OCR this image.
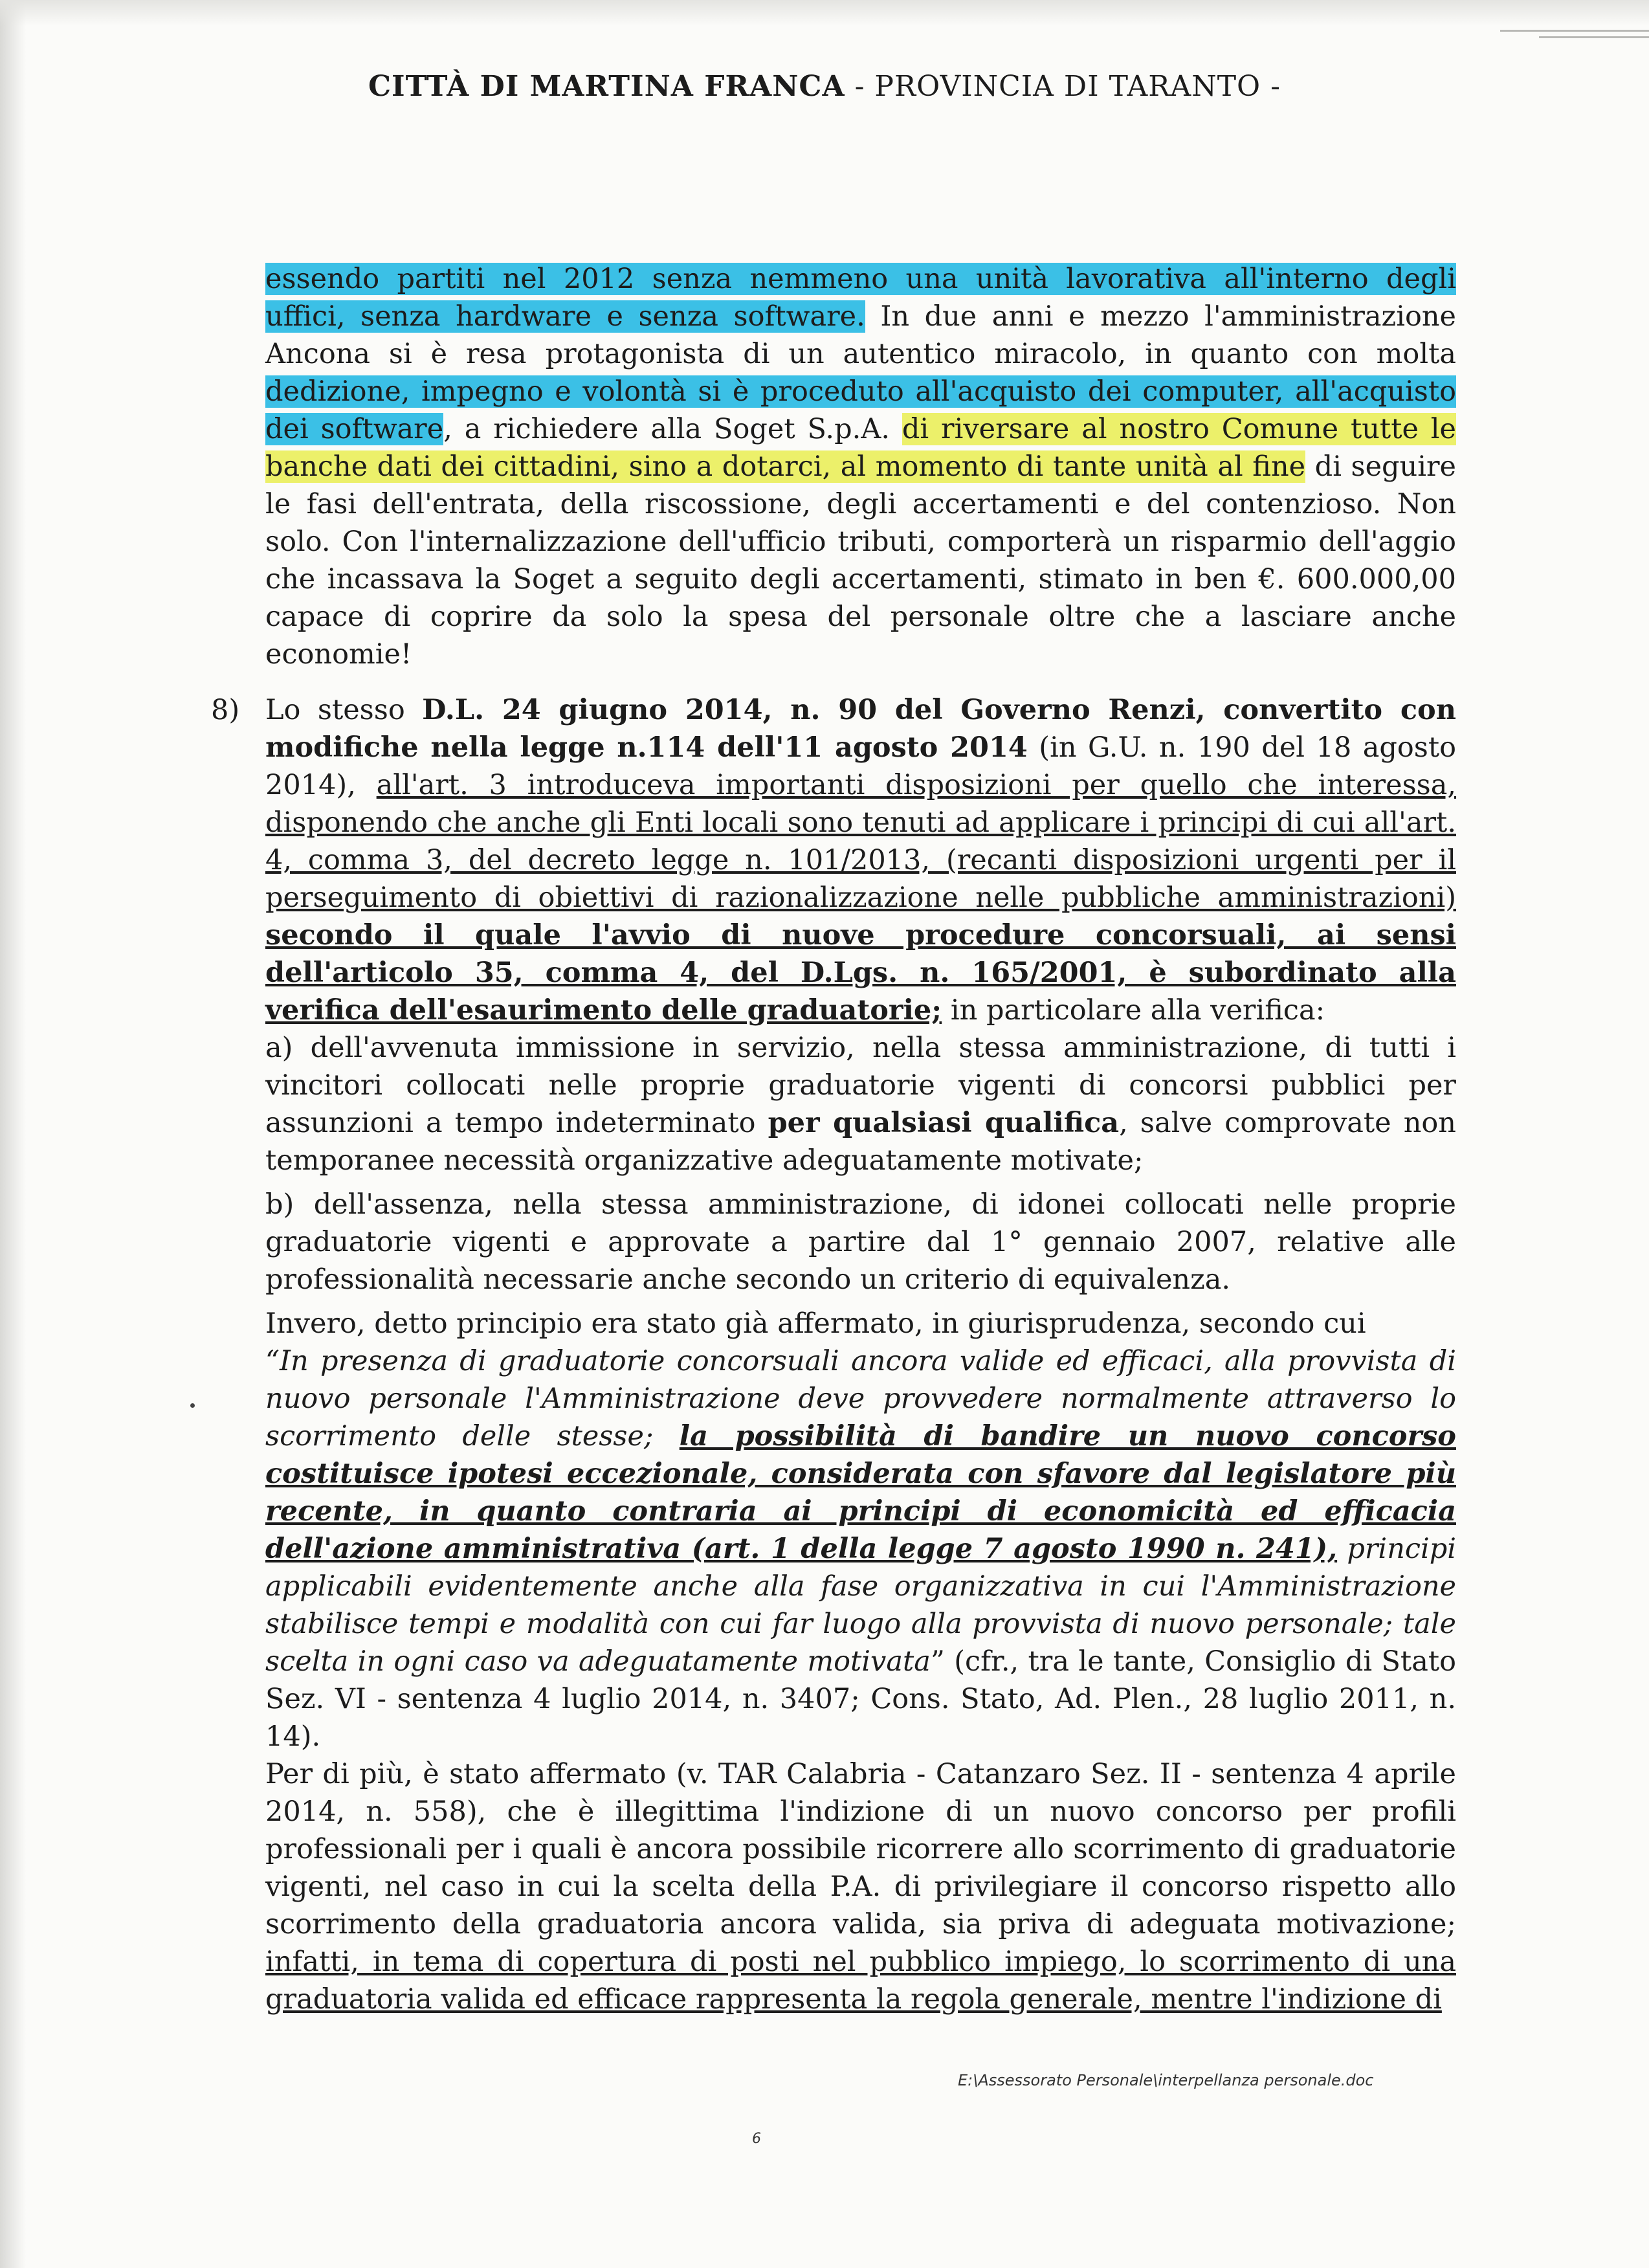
CITTÀ DI MARTINA FRANCA - PROVINCIA DI TARANTO -

essendo partiti nel 2012 senza nemmeno una unità lavorativa all'interno degli uffici, senza hardware e senza software. In due anni e mezzo l'amministrazione Ancona si è resa protagonista di un autentico miracolo, in quanto con molta dedizione, impegno e volontà si è proceduto all'acquisto dei computer, all'acquisto dei software, a richiedere alla Soget S.p.A. di riversare al nostro Comune tutte le banche dati dei cittadini, sino a dotarci, al momento di tante unità al fine di seguire le fasi dell'entrata, della riscossione, degli accertamenti e del contenzioso. Non solo. Con l'internalizzazione dell'ufficio tributi, comporterà un risparmio dell'aggio che incassava la Soget a seguito degli accertamenti, stimato in ben €. 600.000,00 capace di coprire da solo la spesa del personale oltre che a lasciare anche economie!

8) Lo stesso D.L. 24 giugno 2014, n. 90 del Governo Renzi, convertito con modifiche nella legge n.114 dell'11 agosto 2014 (in G.U. n. 190 del 18 agosto 2014), all'art. 3 introduceva importanti disposizioni per quello che interessa, disponendo che anche gli Enti locali sono tenuti ad applicare i principi di cui all'art. 4, comma 3, del decreto legge n. 101/2013, (recanti disposizioni urgenti per il perseguimento di obiettivi di razionalizzazione nelle pubbliche amministrazioni) secondo il quale l'avvio di nuove procedure concorsuali, ai sensi dell'articolo 35, comma 4, del D.Lgs. n. 165/2001, è subordinato alla verifica dell'esaurimento delle graduatorie; in particolare alla verifica:

a) dell'avvenuta immissione in servizio, nella stessa amministrazione, di tutti i vincitori collocati nelle proprie graduatorie vigenti di concorsi pubblici per assunzioni a tempo indeterminato per qualsiasi qualifica, salve comprovate non temporanee necessità organizzative adeguatamente motivate;

b) dell'assenza, nella stessa amministrazione, di idonei collocati nelle proprie graduatorie vigenti e approvate a partire dal 1° gennaio 2007, relative alle professionalità necessarie anche secondo un criterio di equivalenza.

Invero, detto principio era stato già affermato, in giurisprudenza, secondo cui

“In presenza di graduatorie concorsuali ancora valide ed efficaci, alla provvista di nuovo personale l'Amministrazione deve provvedere normalmente attraverso lo scorrimento delle stesse; la possibilità di bandire un nuovo concorso costituisce ipotesi eccezionale, considerata con sfavore dal legislatore più recente, in quanto contraria ai principi di economicità ed efficacia dell'azione amministrativa (art. 1 della legge 7 agosto 1990 n. 241), principi applicabili evidentemente anche alla fase organizzativa in cui l'Amministrazione stabilisce tempi e modalità con cui far luogo alla provvista di nuovo personale; tale scelta in ogni caso va adeguatamente motivata” (cfr., tra le tante, Consiglio di Stato Sez. VI - sentenza 4 luglio 2014, n. 3407; Cons. Stato, Ad. Plen., 28 luglio 2011, n. 14).

Per di più, è stato affermato (v. TAR Calabria - Catanzaro Sez. II - sentenza 4 aprile 2014, n. 558), che è illegittima l'indizione di un nuovo concorso per profili professionali per i quali è ancora possibile ricorrere allo scorrimento di graduatorie vigenti, nel caso in cui la scelta della P.A. di privilegiare il concorso rispetto allo scorrimento della graduatoria ancora valida, sia priva di adeguata motivazione; infatti, in tema di copertura di posti nel pubblico impiego, lo scorrimento di una graduatoria valida ed efficace rappresenta la regola generale, mentre l'indizione di

E:\Assessorato Personale\interpellanza personale.doc
6
